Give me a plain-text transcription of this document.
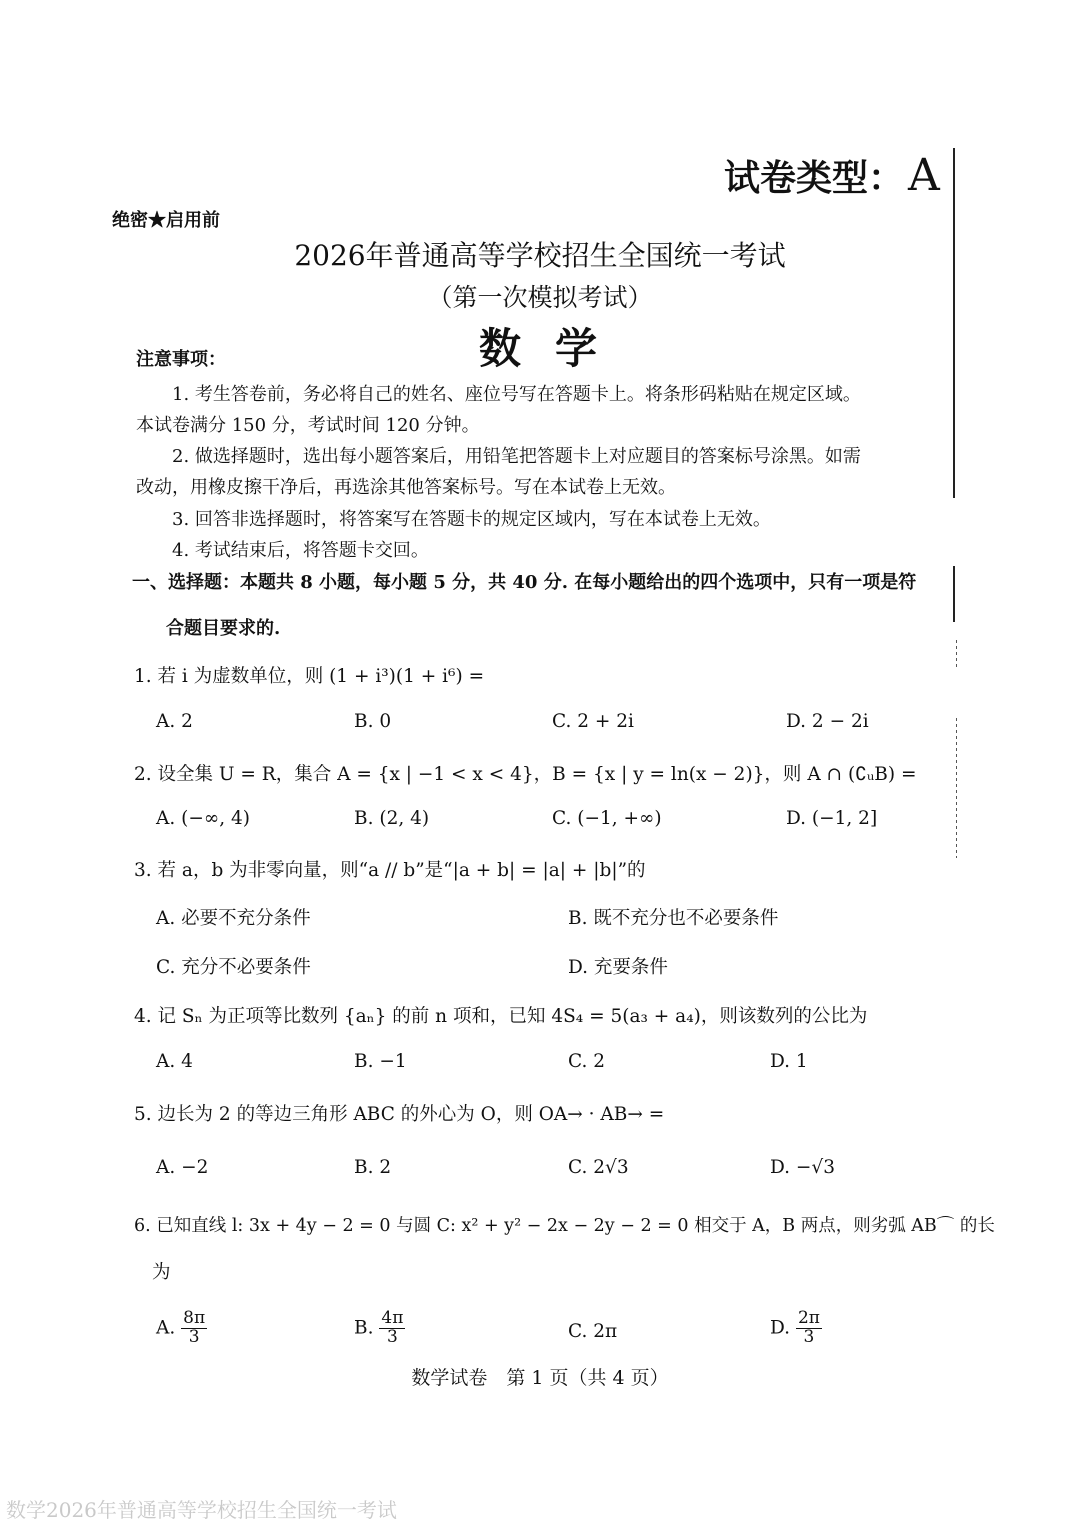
试卷类型：A
绝密★启用前
2026年普通高等学校招生全国统一考试
（第一次模拟考试）
数学
注意事项：
1. 考生答卷前，务必将自己的姓名、座位号写在答题卡上。将条形码粘贴在规定区域。
本试卷满分 150 分，考试时间 120 分钟。
2. 做选择题时，选出每小题答案后，用铅笔把答题卡上对应题目的答案标号涂黑。如需
改动，用橡皮擦干净后，再选涂其他答案标号。写在本试卷上无效。
3. 回答非选择题时，将答案写在答题卡的规定区域内，写在本试卷上无效。
4. 考试结束后，将答题卡交回。
一、选择题：本题共 8 小题，每小题 5 分，共 40 分. 在每小题给出的四个选项中，只有一项是符
合题目要求的.
1. 若 i 为虚数单位，则 (1 + i³)(1 + i⁶) =
A. 2	B. 0	C. 2 + 2i	D. 2 − 2i
2. 设全集 U = R，集合 A = {x | −1 < x < 4}，B = {x | y = ln(x − 2)}，则 A ∩ (∁ᵤB) =
A. (−∞, 4)	B. (2, 4)	C. (−1, +∞)	D. (−1, 2]
3. 若 a，b 为非零向量，则“a // b”是“|a + b| = |a| + |b|”的
A. 必要不充分条件	B. 既不充分也不必要条件
C. 充分不必要条件	D. 充要条件
4. 记 Sₙ 为正项等比数列 {aₙ} 的前 n 项和，已知 4S₄ = 5(a₃ + a₄)，则该数列的公比为
A. 4	B. −1	C. 2	D. 1
5. 边长为 2 的等边三角形 ABC 的外心为 O，则 OA→ · AB→ =
A. −2	B. 2	C. 2√3	D. −√3
6. 已知直线 l: 3x + 4y − 2 = 0 与圆 C: x² + y² − 2x − 2y − 2 = 0 相交于 A，B 两点，则劣弧 AB⌒ 的长
为
A. $\frac{8\pi}{3}$	B. $\frac{4\pi}{3}$	C. 2π	D. $\frac{2\pi}{3}$
数学试卷　第 1 页（共 4 页）
数学2026年普通高等学校招生全国统一考试
